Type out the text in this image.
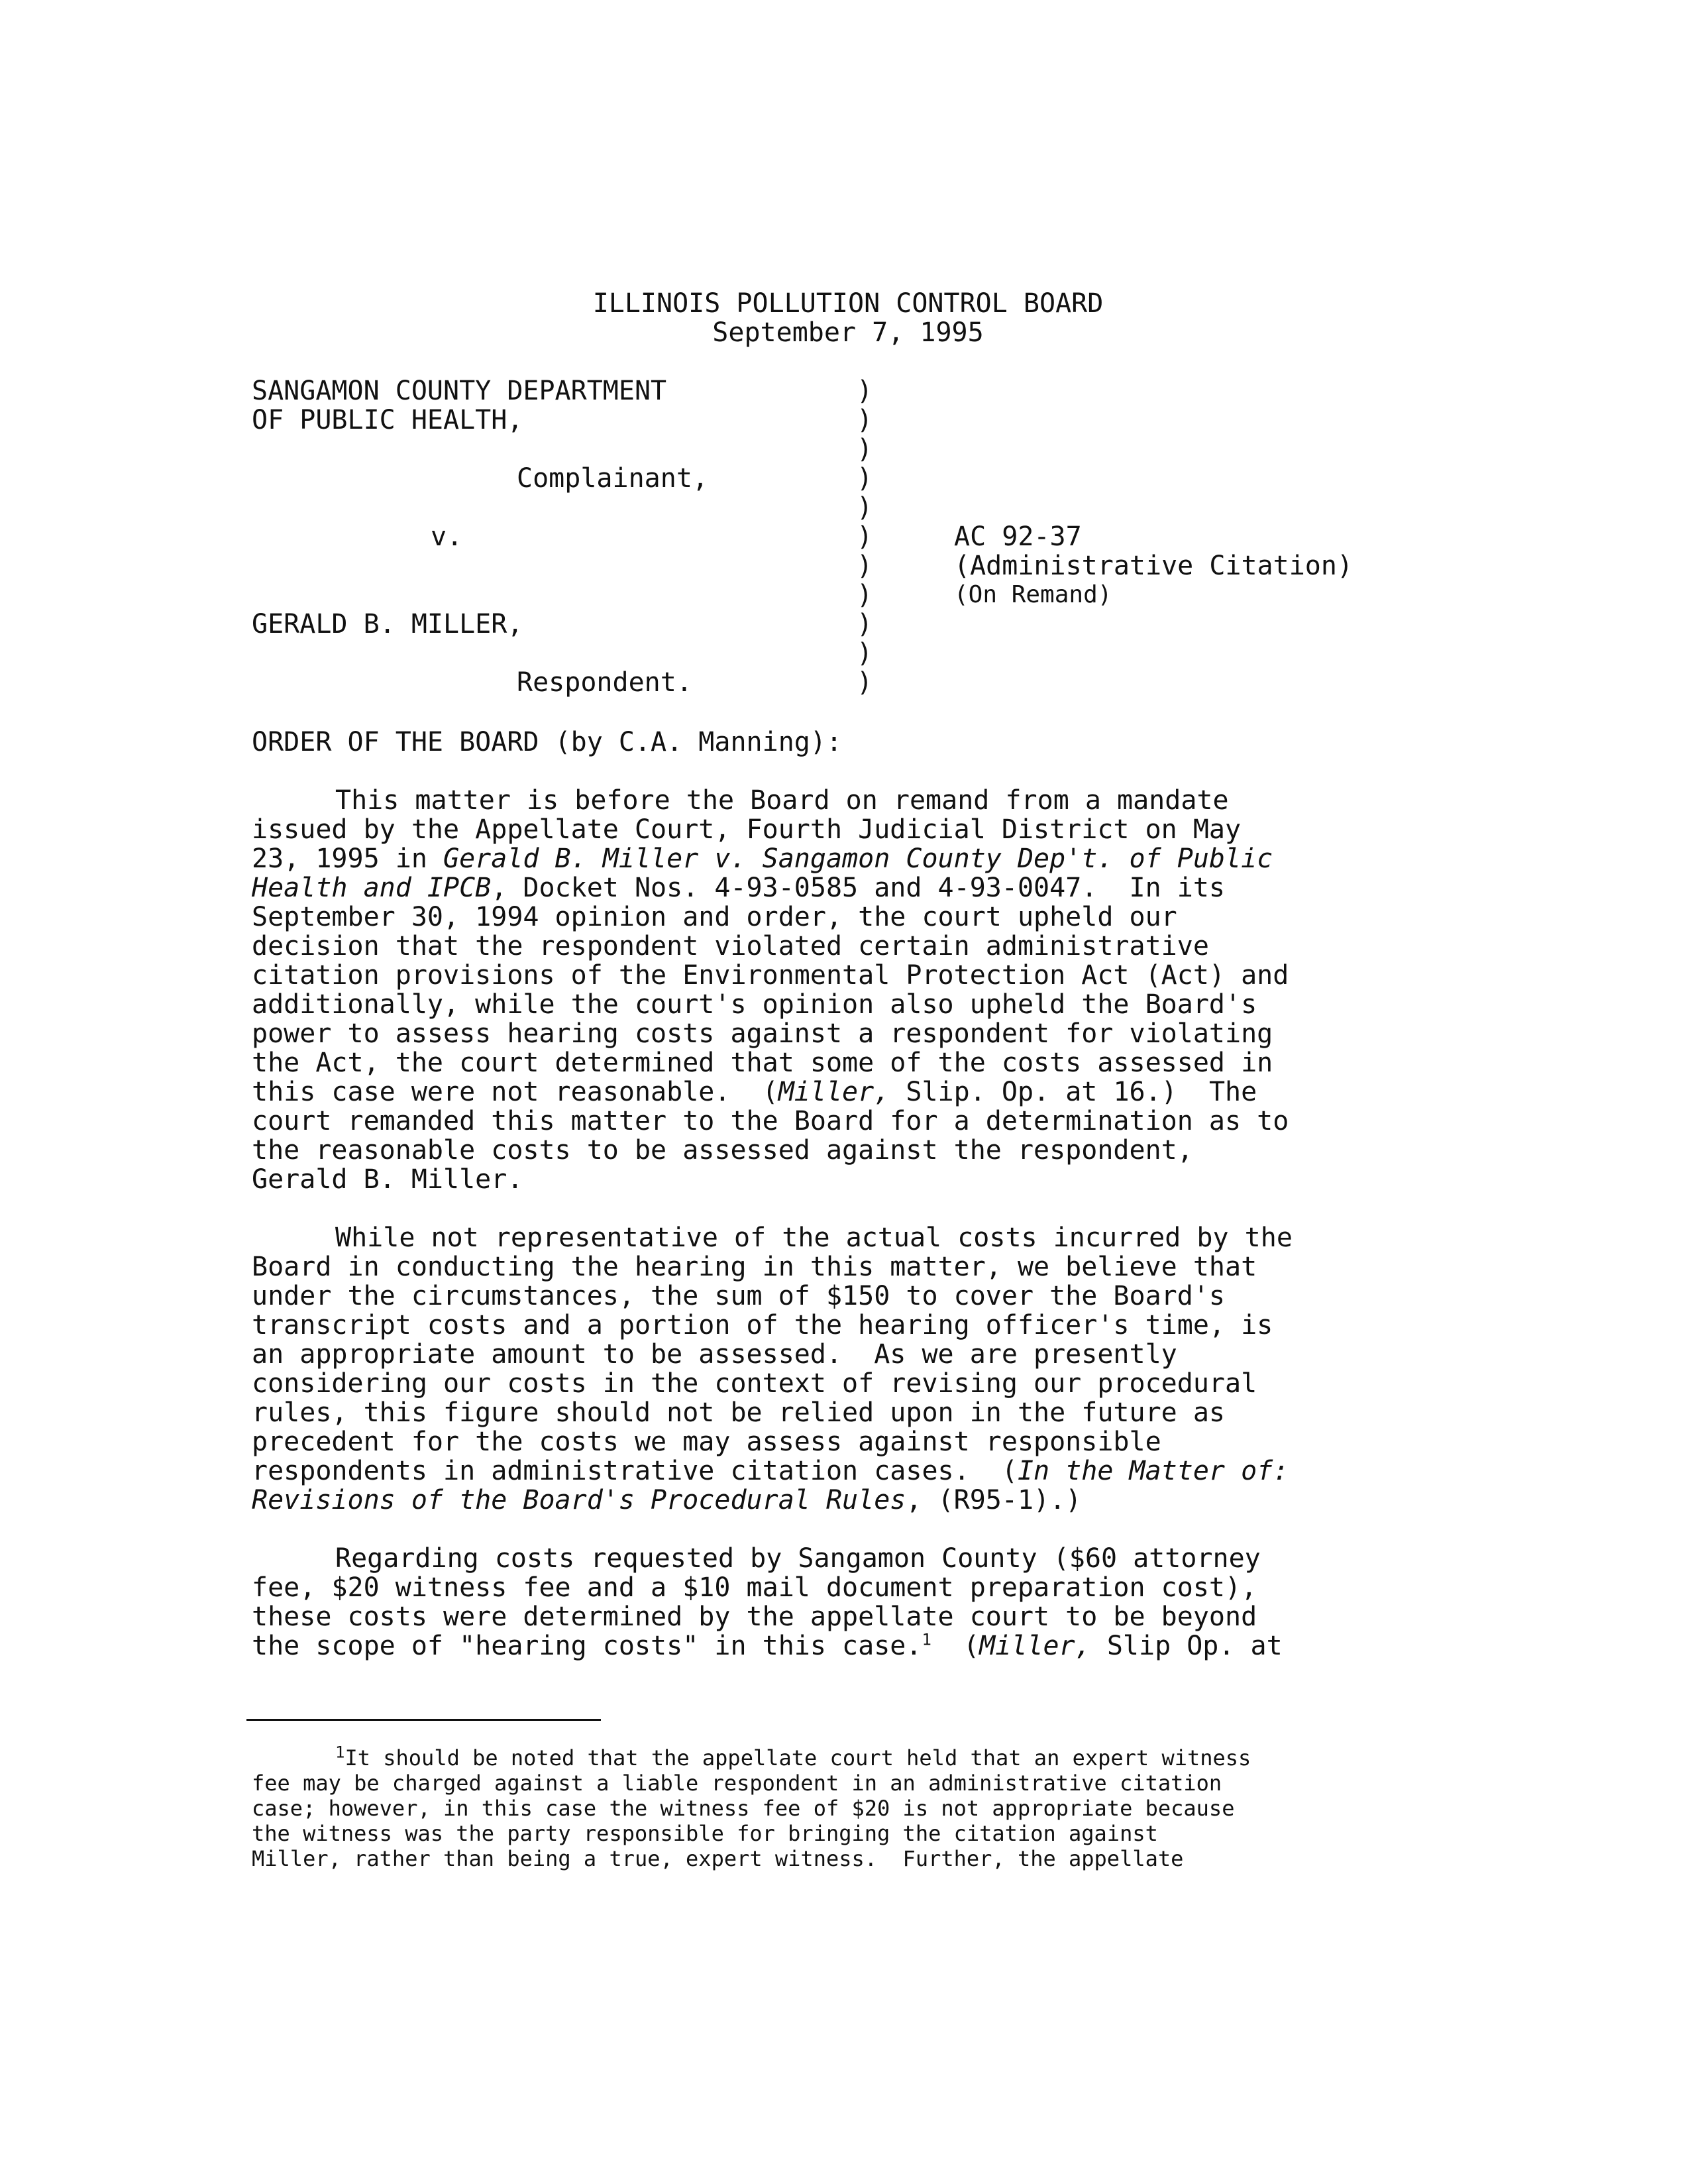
ILLINOIS POLLUTION CONTROL BOARD
September 7, 1995
SANGAMON COUNTY DEPARTMENT
OF PUBLIC HEALTH,
Complainant,
v.
GERALD B. MILLER,
Respondent.
)
)
)
)
)
)
)
)
)
)
)
AC 92-37
(Administrative Citation)
(On Remand)
ORDER OF THE BOARD (by C.A. Manning):
This matter is before the Board on remand from a mandate
issued by the Appellate Court, Fourth Judicial District on May
23, 1995 in Gerald B. Miller v. Sangamon County Dep't. of Public
Health and IPCB, Docket Nos. 4-93-0585 and 4-93-0047.  In its
September 30, 1994 opinion and order, the court upheld our
decision that the respondent violated certain administrative
citation provisions of the Environmental Protection Act (Act) and
additionally, while the court's opinion also upheld the Board's
power to assess hearing costs against a respondent for violating
the Act, the court determined that some of the costs assessed in
this case were not reasonable.  (Miller, Slip. Op. at 16.)  The
court remanded this matter to the Board for a determination as to
the reasonable costs to be assessed against the respondent,
Gerald B. Miller.
While not representative of the actual costs incurred by the
Board in conducting the hearing in this matter, we believe that
under the circumstances, the sum of $150 to cover the Board's
transcript costs and a portion of the hearing officer's time, is
an appropriate amount to be assessed.  As we are presently
considering our costs in the context of revising our procedural
rules, this figure should not be relied upon in the future as
precedent for the costs we may assess against responsible
respondents in administrative citation cases.  (In the Matter of:
Revisions of the Board's Procedural Rules, (R95-1).)
Regarding costs requested by Sangamon County ($60 attorney
fee, $20 witness fee and a $10 mail document preparation cost),
these costs were determined by the appellate court to be beyond
the scope of "hearing costs" in this case.$^1$  (Miller, Slip Op. at
$^1$It should be noted that the appellate court held that an expert witness
fee may be charged against a liable respondent in an administrative citation
case; however, in this case the witness fee of $20 is not appropriate because
the witness was the party responsible for bringing the citation against
Miller, rather than being a true, expert witness.  Further, the appellate
